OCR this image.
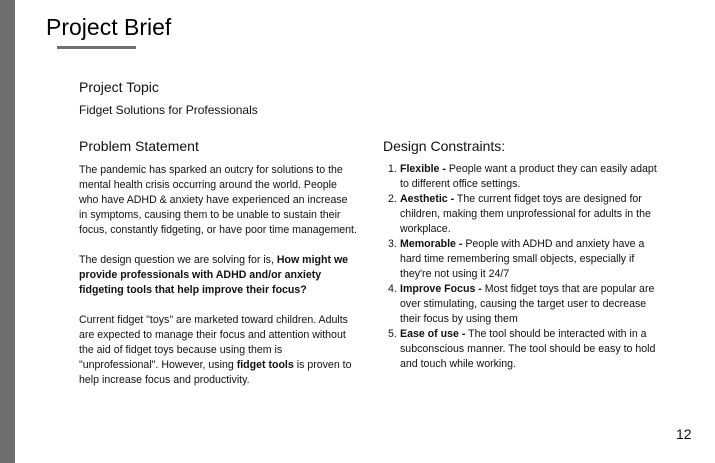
Project Brief
Project Topic
Fidget Solutions for Professionals
Problem Statement

The pandemic has sparked an outcry for solutions to the mental health crisis occurring around the world. People who have ADHD & anxiety have experienced an increase in symptoms, causing them to be unable to sustain their focus, constantly fidgeting, or have poor time management.

The design question we are solving for is, How might we provide professionals with ADHD and/or anxiety fidgeting tools that help improve their focus?

Current fidget "toys" are marketed toward children. Adults are expected to manage their focus and attention without the aid of fidget toys because using them is "unprofessional". However, using fidget tools is proven to help increase focus and productivity.

Design Constraints:
1. Flexible - People want a product they can easily adapt to different office settings.
2. Aesthetic - The current fidget toys are designed for children, making them unprofessional for adults in the workplace.
3. Memorable - People with ADHD and anxiety have a hard time remembering small objects, especially if they're not using it 24/7
4. Improve Focus - Most fidget toys that are popular are over stimulating, causing the target user to decrease their focus by using them
5. Ease of use - The tool should be interacted with in a subconscious manner. The tool should be easy to hold and touch while working.
12
